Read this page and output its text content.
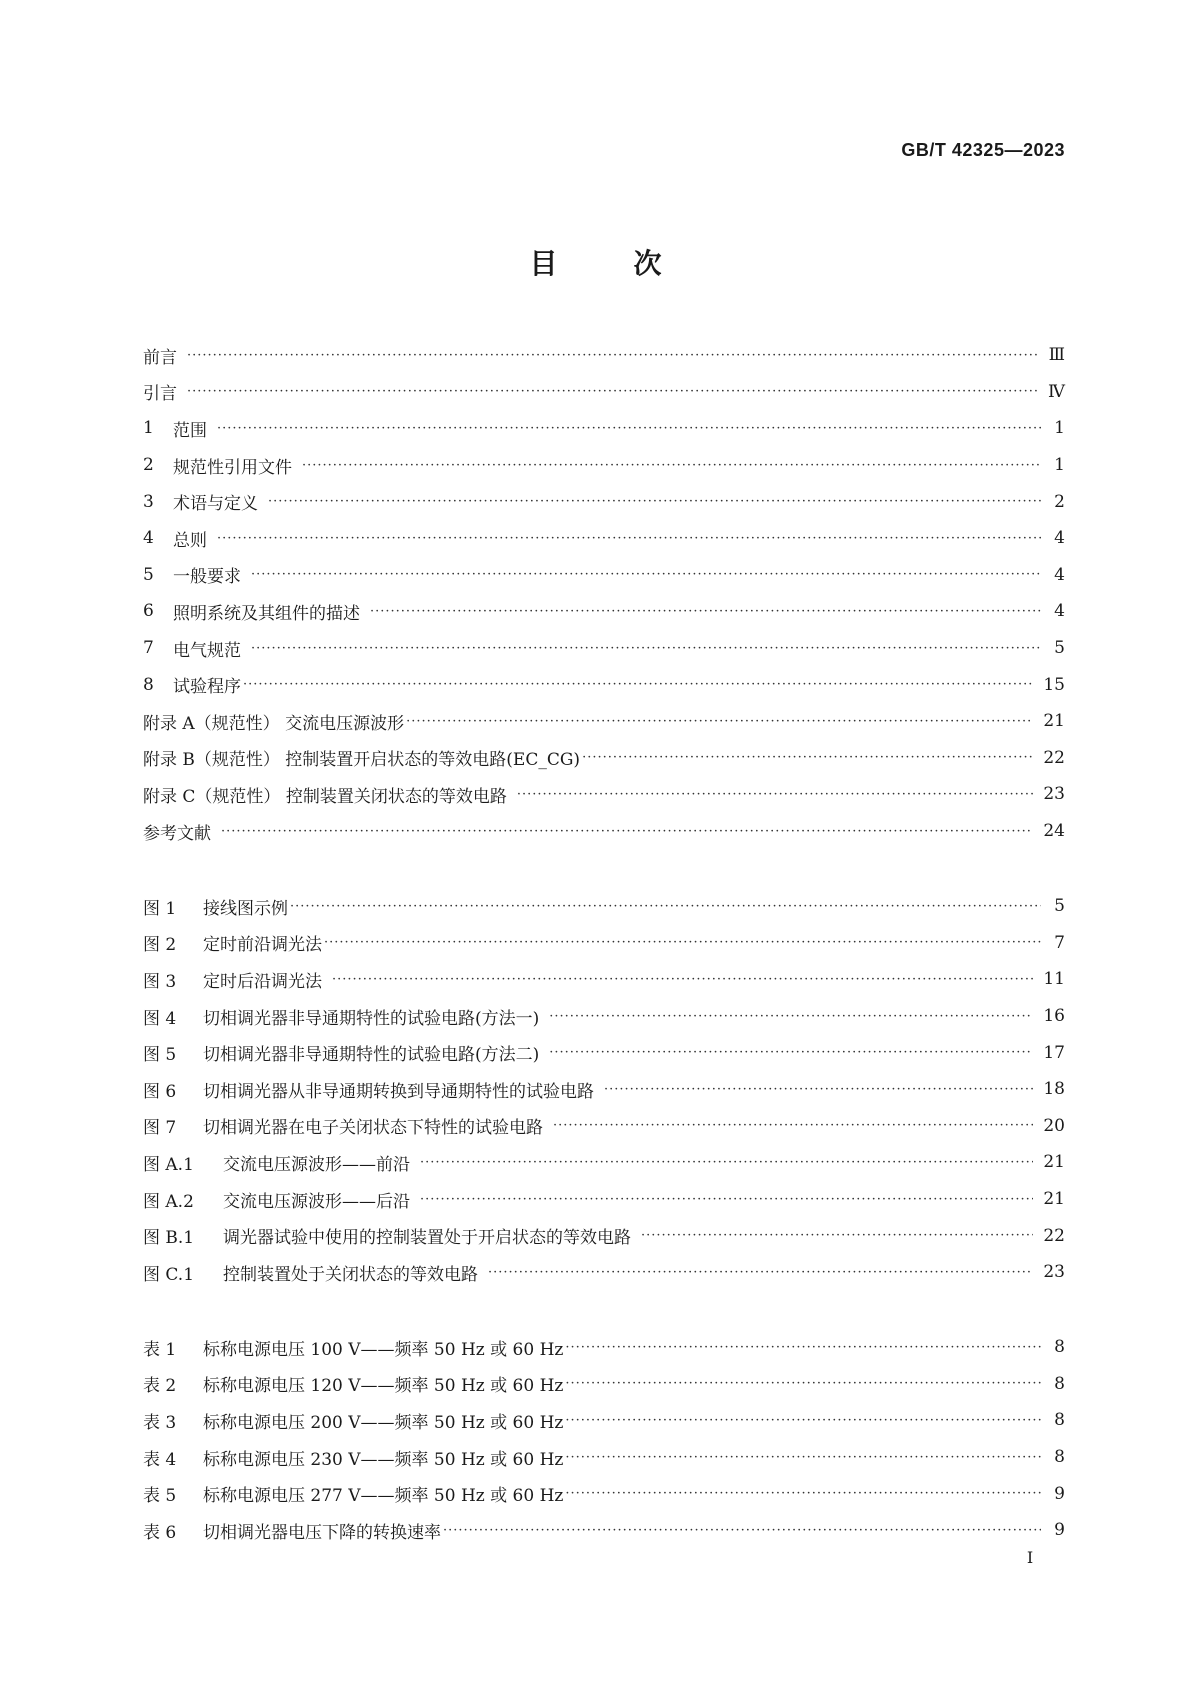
GB/T 42325—2023
目	次
前言 ·····	Ⅲ
引言 ·····	Ⅳ
1	范围 ·····	1
2	规范性引用文件 ·····	1
3	术语与定义 ·····	2
4	总则 ·····	4
5	一般要求 ·····	4
6	照明系统及其组件的描述 ·····	4
7	电气规范 ·····	5
8	试验程序 ·····	15
附录 A（规范性） 交流电压源波形 ·····	21
附录 B（规范性） 控制装置开启状态的等效电路(EC_CG) ·····	22
附录 C（规范性） 控制装置关闭状态的等效电路 ·····	23
参考文献 ·····	24
图 1	接线图示例 ·····	5
图 2	定时前沿调光法 ·····	7
图 3	定时后沿调光法 ·····	11
图 4	切相调光器非导通期特性的试验电路(方法一) ·····	16
图 5	切相调光器非导通期特性的试验电路(方法二) ·····	17
图 6	切相调光器从非导通期转换到导通期特性的试验电路 ·····	18
图 7	切相调光器在电子关闭状态下特性的试验电路 ·····	20
图 A.1	交流电压源波形——前沿 ·····	21
图 A.2	交流电压源波形——后沿 ·····	21
图 B.1	调光器试验中使用的控制装置处于开启状态的等效电路 ·····	22
图 C.1	控制装置处于关闭状态的等效电路 ·····	23
表 1	标称电源电压 100 V——频率 50 Hz 或 60 Hz ·····	8
表 2	标称电源电压 120 V——频率 50 Hz 或 60 Hz ·····	8
表 3	标称电源电压 200 V——频率 50 Hz 或 60 Hz ·····	8
表 4	标称电源电压 230 V——频率 50 Hz 或 60 Hz ·····	8
表 5	标称电源电压 277 V——频率 50 Hz 或 60 Hz ·····	9
表 6	切相调光器电压下降的转换速率 ·····	9
I
